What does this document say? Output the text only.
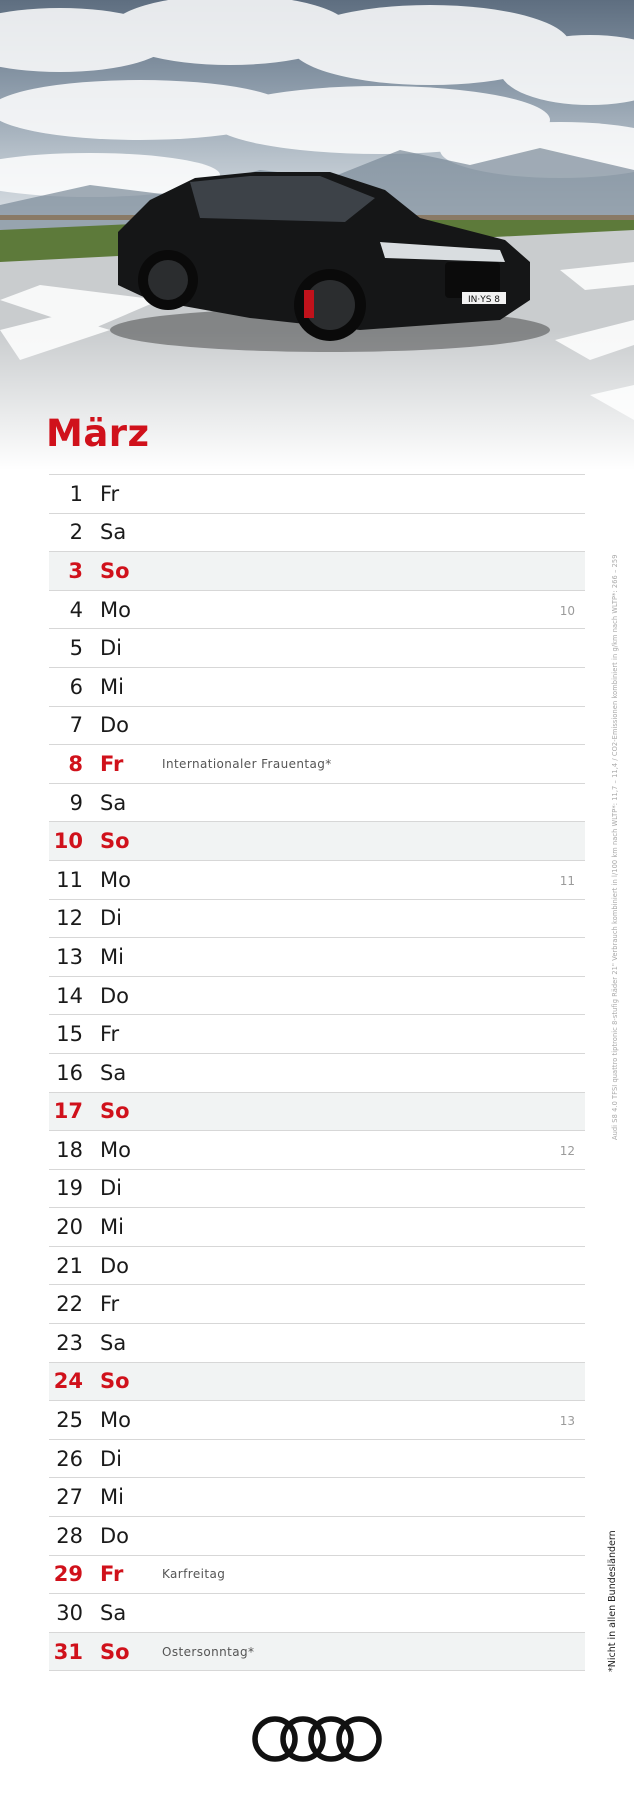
IN·YS 8
März
1 Fr
2 Sa
3 So
4 Mo	10
5 Di
6 Mi
7 Do
8 Fr	Internationaler Frauentag*
9 Sa
10 So
11 Mo	11
12 Di
13 Mi
14 Do
15 Fr
16 Sa
17 So
18 Mo	12
19 Di
20 Mi
21 Do
22 Fr
23 Sa
24 So
25 Mo	13
26 Di
27 Mi
28 Do
29 Fr	Karfreitag
30 Sa
31 So	Ostersonntag*
Audi S8 4.0 TFSI quattro tiptronic 8-stufig Räder 21" Verbrauch kombiniert in l/100 km nach WLTP*: 11,7 – 11,4 / CO2-Emissionen kombiniert in g/km nach WLTP*: 266 – 259
*Nicht in allen Bundesländern
